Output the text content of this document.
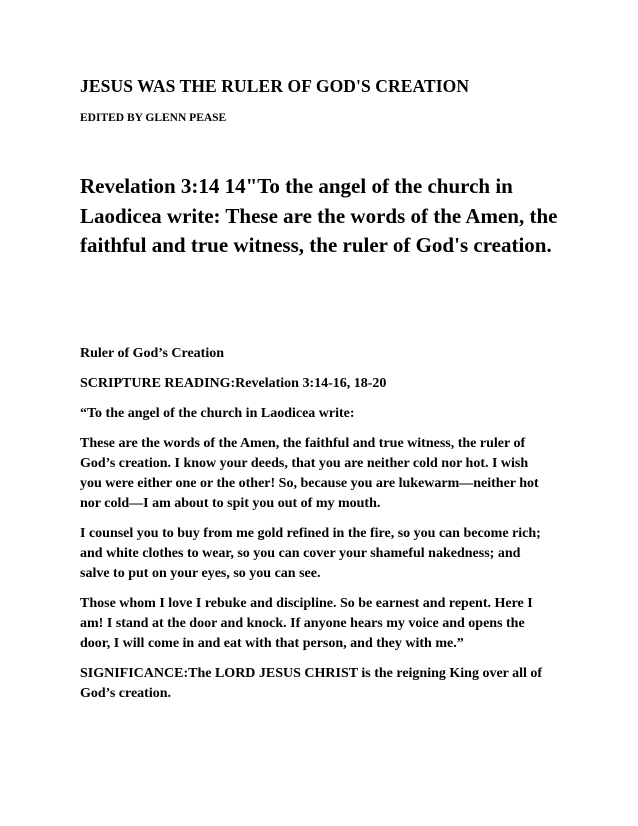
JESUS WAS THE RULER OF GOD'S CREATION
EDITED BY GLENN PEASE

Revelation 3:14 14"To the angel of the church in

Laodicea write: These are the words of the Amen, the

faithful and true witness, the ruler of God's creation.

Ruler of God’s Creation

SCRIPTURE READING:Revelation 3:14-16, 18-20

“To the angel of the church in Laodicea write:

These are the words of the Amen, the faithful and true witness, the ruler of

God’s creation. I know your deeds, that you are neither cold nor hot. I wish

you were either one or the other! So, because you are lukewarm—neither hot

nor cold—I am about to spit you out of my mouth.

I counsel you to buy from me gold refined in the fire, so you can become rich;

and white clothes to wear, so you can cover your shameful nakedness; and

salve to put on your eyes, so you can see.

Those whom I love I rebuke and discipline. So be earnest and repent. Here I

am! I stand at the door and knock. If anyone hears my voice and opens the

door, I will come in and eat with that person, and they with me.”

SIGNIFICANCE:The LORD JESUS CHRIST is the reigning King over all of

God’s creation.
